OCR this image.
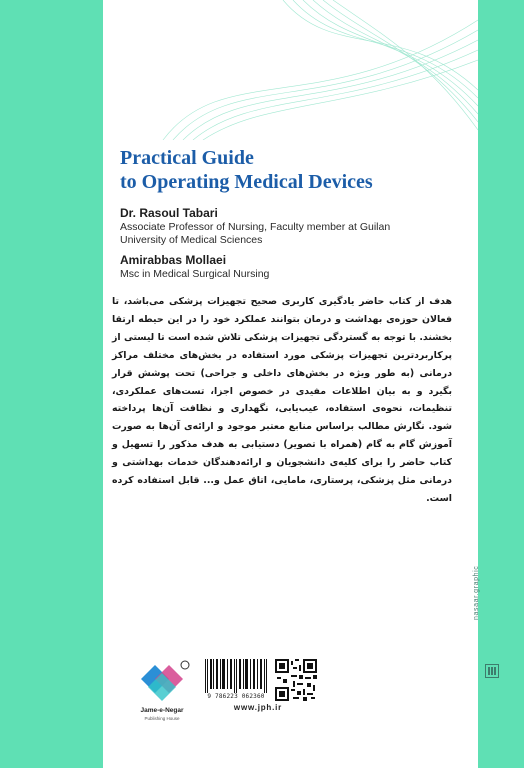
Practical Guide
to Operating Medical Devices

Dr. Rasoul Tabari

Associate Professor of Nursing, Faculty member at Guilan
University of Medical Sciences

Amirabbas Mollaei

Msc in Medical Surgical Nursing

هدف از کتاب حاضر یادگیری کاربری صحیح تجهیزات پزشکی می‌باشد، تا فعالان حوزه‌ی بهداشت و درمان بتوانند عملکرد خود را در این حیطه ارتقا بخشند. با توجه به گستردگی تجهیزات پزشکی تلاش شده است تا لیستی از پرکاربردترین تجهیزات پزشکی مورد استفاده در بخش‌های مختلف مراکز درمانی (به طور ویژه در بخش‌های داخلی و جراحی) تحت پوشش قرار بگیرد و به بیان اطلاعات مفیدی در خصوص اجزا، تست‌های عملکردی، تنظیمات، نحوه‌ی استفاده، عیب‌یابی، نگهداری و نظافت آن‌ها پرداخته شود. نگارش مطالب براساس منابع معتبر موجود و ارائه‌ی آن‌ها به صورت آموزش گام به گام (همراه با تصویر) دستیابی به هدف مذکور را تسهیل و کتاب حاضر را برای کلیه‌ی دانشجویان و ارائه‌دهندگان خدمات بهداشتی و درمانی مثل پزشکی، پرستاری، مامایی، اتاق عمل و... قابل استفاده کرده است.

Jame-e-Negar
Publishing House
9 786223 062360
www.jph.ir
nasaar.graphic
